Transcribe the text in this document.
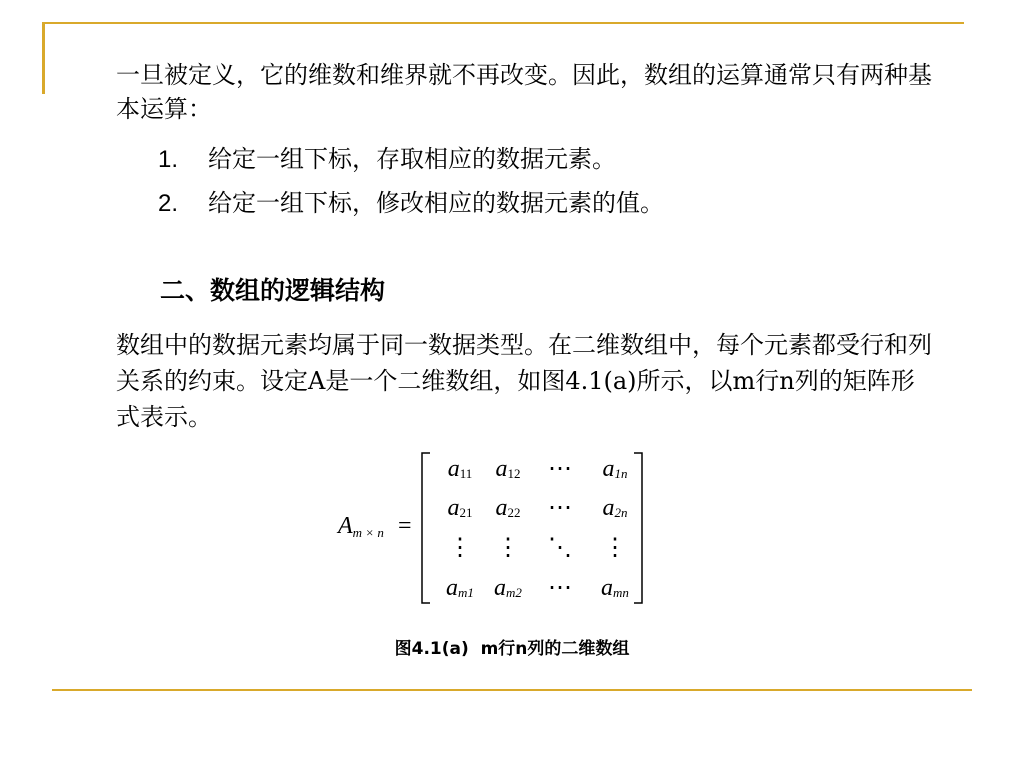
一旦被定义，它的维数和维界就不再改变。因此，数组的运算通常只有两种基本运算：

1. 给定一组下标，存取相应的数据元素。
2. 给定一组下标，修改相应的数据元素的值。
二、数组的逻辑结构

数组中的数据元素均属于同一数据类型。在二维数组中，每个元素都受行和列关系的约束。设定A是一个二维数组，如图4.1(a)所示，以m行n列的矩阵形式表示。

Am × n =
a11 a12 ⋯ a1n
a21 a22 ⋯ a2n
⋮ ⋮ ⋱ ⋮
am1 am2 ⋯ amn
图4.1(a)  m行n列的二维数组
